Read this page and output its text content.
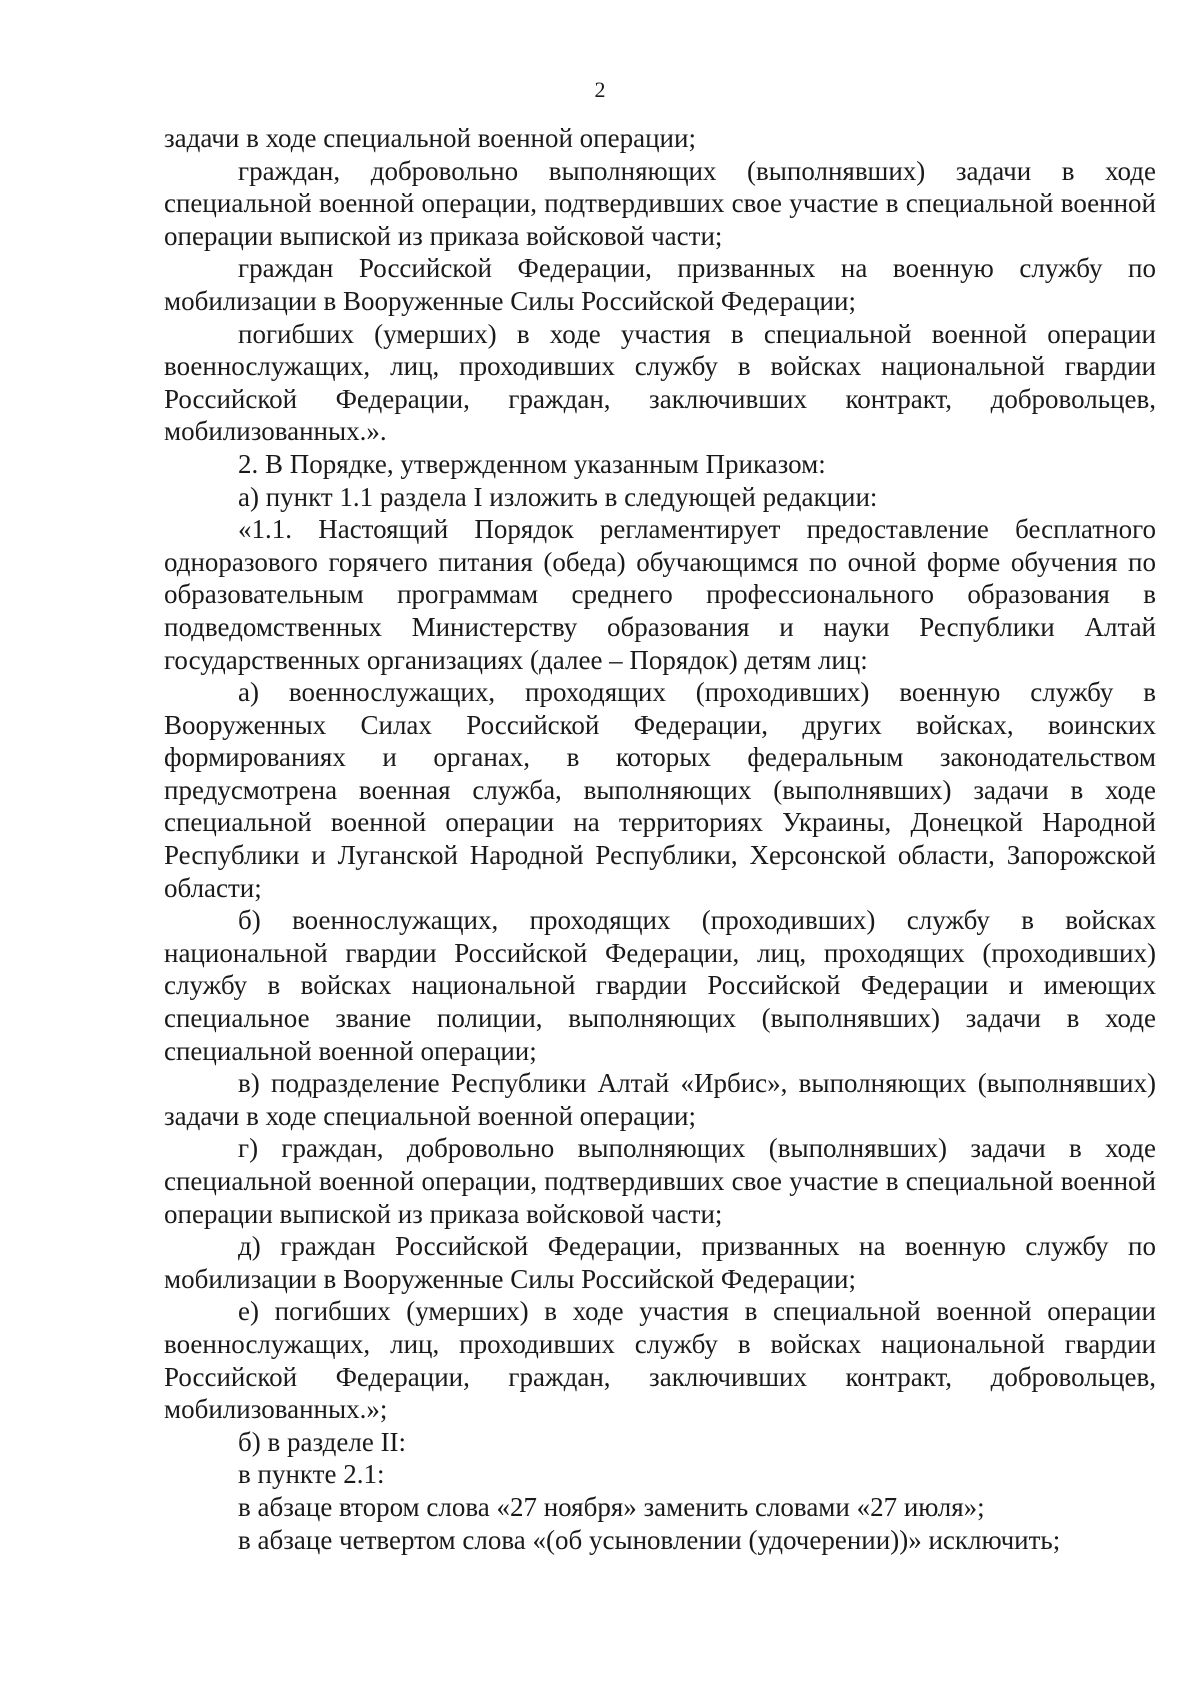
2

задачи в ходе специальной военной операции;

граждан, добровольно выполняющих (выполнявших) задачи в ходе специальной военной операции, подтвердивших свое участие в специальной военной операции выпиской из приказа войсковой части;

граждан Российской Федерации, призванных на военную службу по мобилизации в Вооруженные Силы Российской Федерации;

погибших (умерших) в ходе участия в специальной военной операции военнослужащих, лиц, проходивших службу в войсках национальной гвардии Российской Федерации, граждан, заключивших контракт, добровольцев, мобилизованных.».

2. В Порядке, утвержденном указанным Приказом:

а) пункт 1.1 раздела I изложить в следующей редакции:

«1.1. Настоящий Порядок регламентирует предоставление бесплатного одноразового горячего питания (обеда) обучающимся по очной форме обучения по образовательным программам среднего профессионального образования в подведомственных Министерству образования и науки Республики Алтай государственных организациях (далее – Порядок) детям лиц:

а) военнослужащих, проходящих (проходивших) военную службу в Вооруженных Силах Российской Федерации, других войсках, воинских формированиях и органах, в которых федеральным законодательством предусмотрена военная служба, выполняющих (выполнявших) задачи в ходе специальной военной операции на территориях Украины, Донецкой Народной Республики и Луганской Народной Республики, Херсонской области, Запорожской области;

б) военнослужащих, проходящих (проходивших) службу в войсках национальной гвардии Российской Федерации, лиц, проходящих (проходивших) службу в войсках национальной гвардии Российской Федерации и имеющих специальное звание полиции, выполняющих (выполнявших) задачи в ходе специальной военной операции;

в) подразделение Республики Алтай «Ирбис», выполняющих (выполнявших) задачи в ходе специальной военной операции;

г) граждан, добровольно выполняющих (выполнявших) задачи в ходе специальной военной операции, подтвердивших свое участие в специальной военной операции выпиской из приказа войсковой части;

д) граждан Российской Федерации, призванных на военную службу по мобилизации в Вооруженные Силы Российской Федерации;

е) погибших (умерших) в ходе участия в специальной военной операции военнослужащих, лиц, проходивших службу в войсках национальной гвардии Российской Федерации, граждан, заключивших контракт, добровольцев, мобилизованных.»;

б) в разделе II:

в пункте 2.1:

в абзаце втором слова «27 ноября» заменить словами «27 июля»;

в абзаце четвертом слова «(об усыновлении (удочерении))» исключить;
